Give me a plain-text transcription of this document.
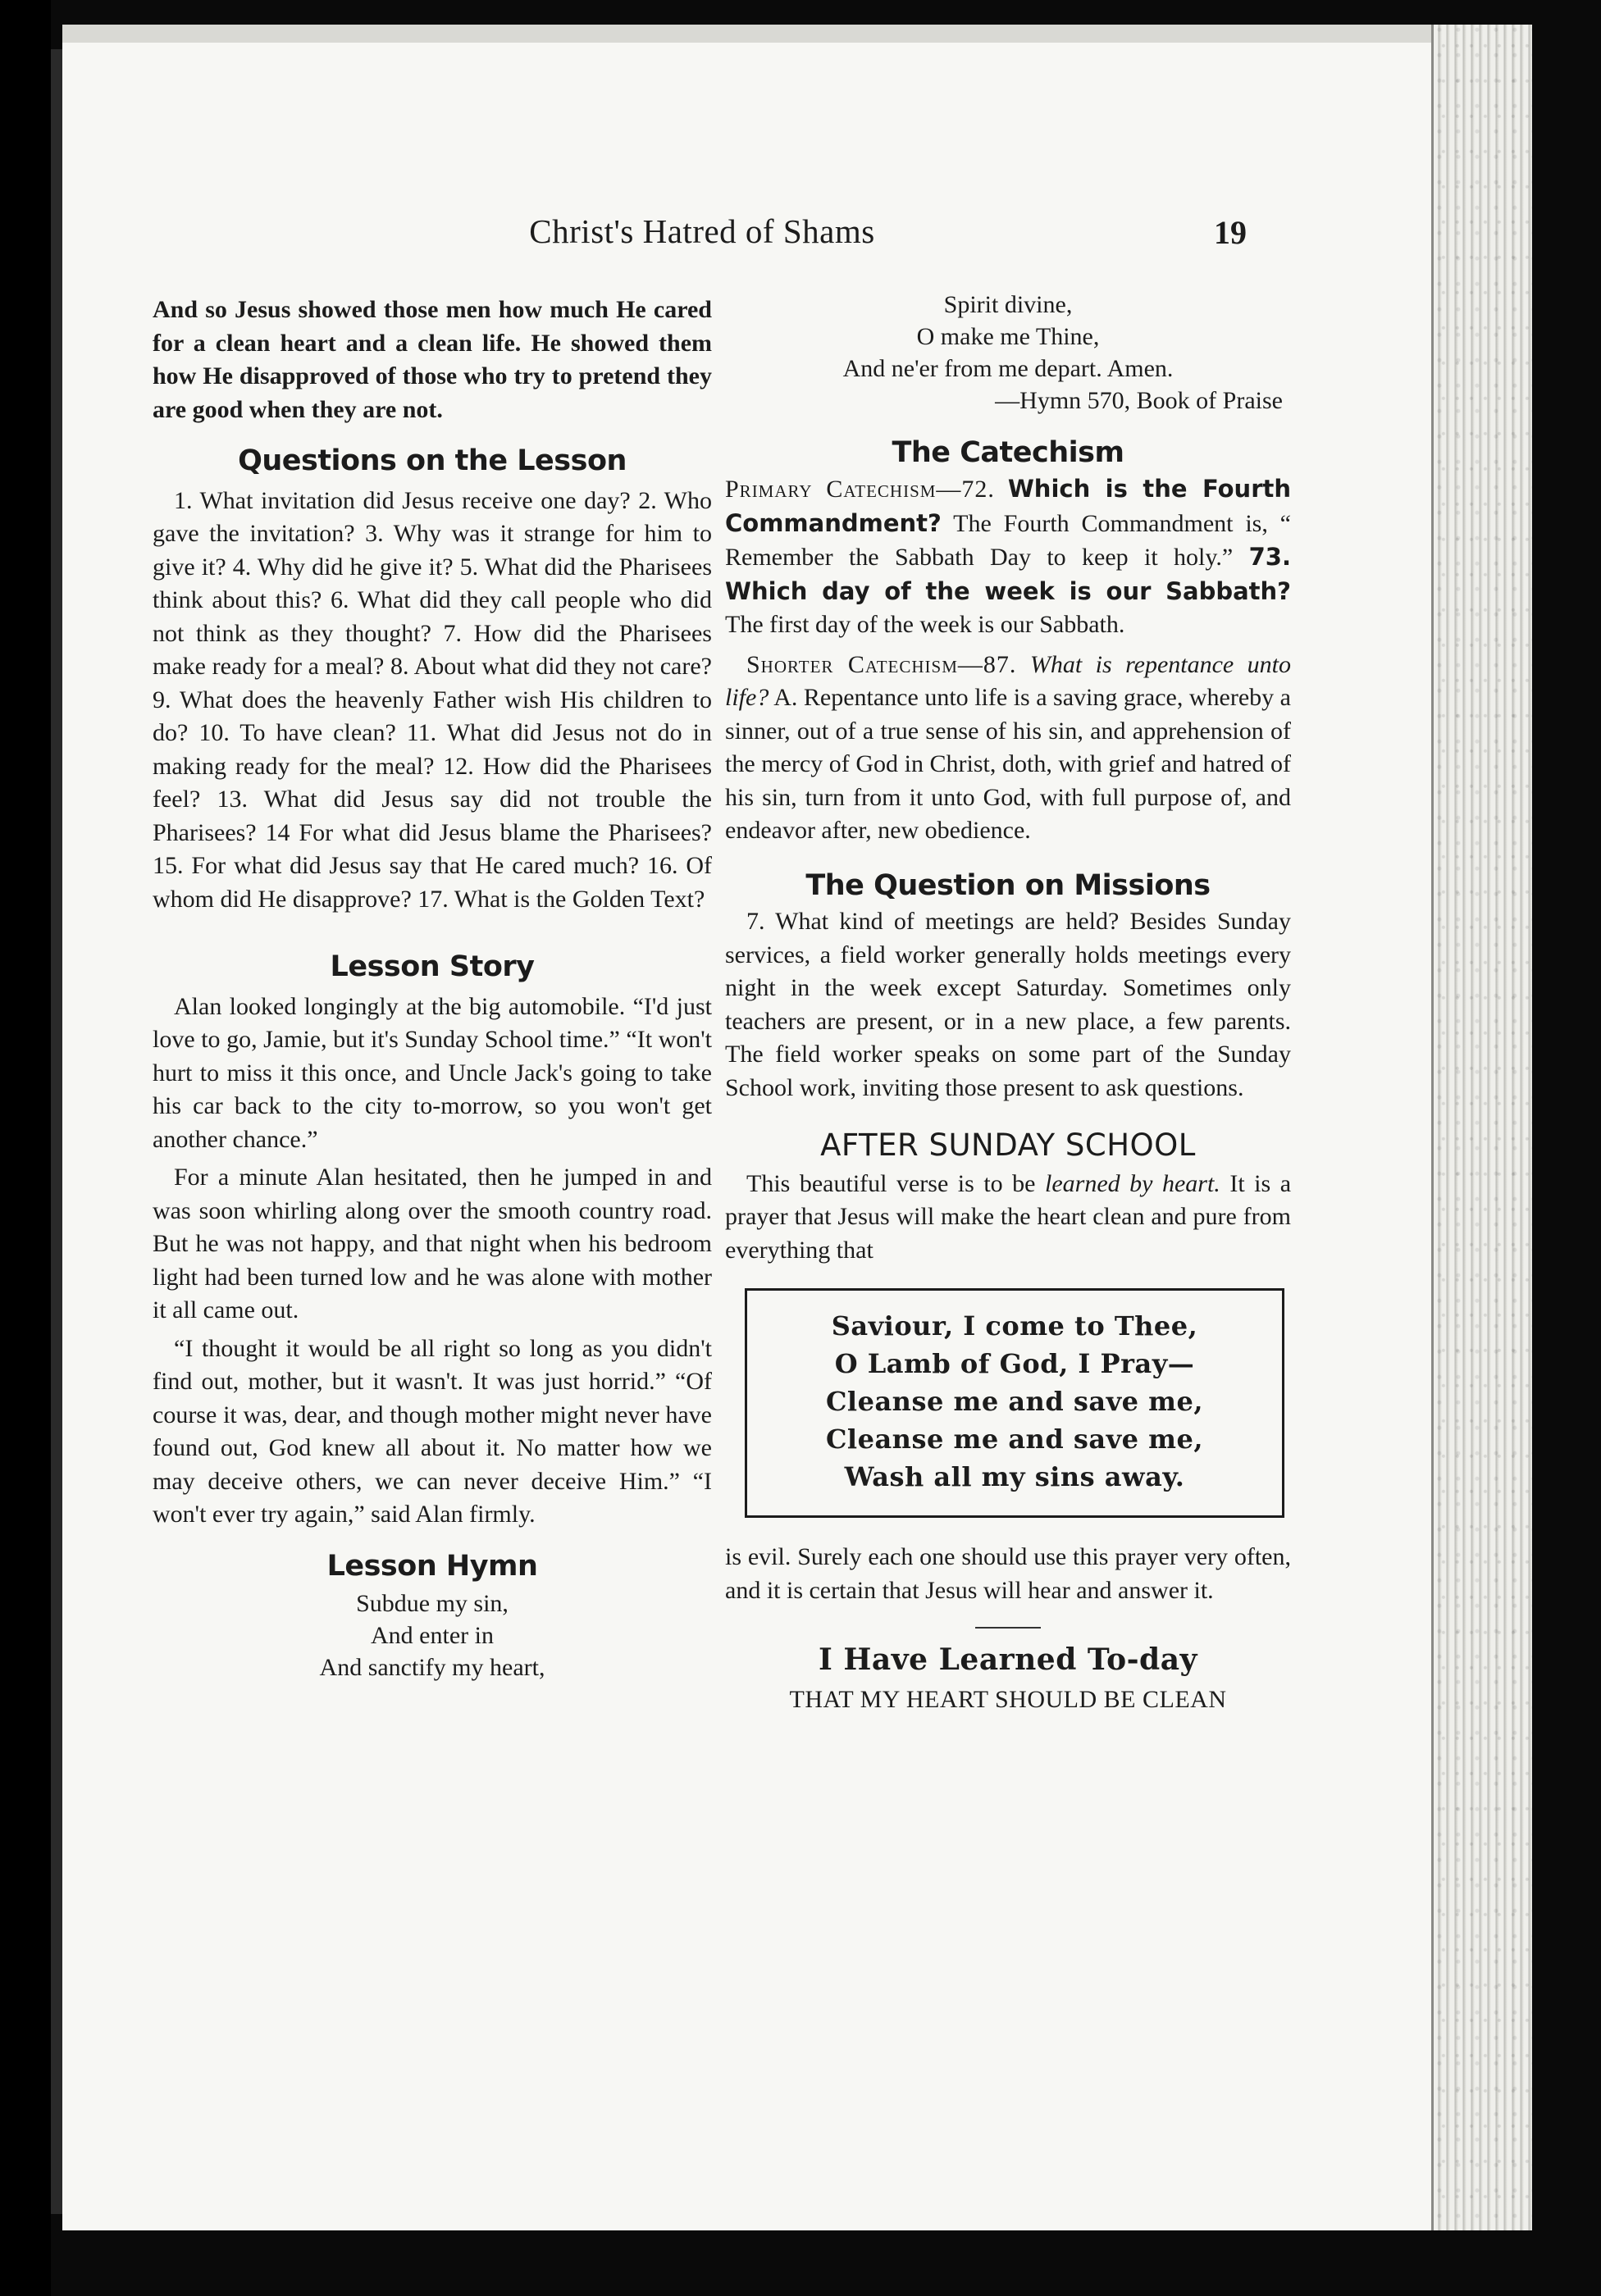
Christ's Hatred of Shams	19

And so Jesus showed those men how much He cared for a clean heart and a clean life. He showed them how He disapproved of those who try to pretend they are good when they are not.

Questions on the Lesson

1. What invitation did Jesus receive one day? 2. Who gave the invitation? 3. Why was it strange for him to give it? 4. Why did he give it? 5. What did the Pharisees think about this? 6. What did they call people who did not think as they thought? 7. How did the Pharisees make ready for a meal? 8. About what did they not care? 9. What does the heavenly Father wish His children to do? 10. To have clean? 11. What did Jesus not do in making ready for the meal? 12. How did the Pharisees feel? 13. What did Jesus say did not trouble the Pharisees? 14 For what did Jesus blame the Pharisees? 15. For what did Jesus say that He cared much? 16. Of whom did He disapprove? 17. What is the Golden Text?

Lesson Story

Alan looked longingly at the big automobile. “I'd just love to go, Jamie, but it's Sunday School time.” “It won't hurt to miss it this once, and Uncle Jack's going to take his car back to the city to-morrow, so you won't get another chance.”

For a minute Alan hesitated, then he jumped in and was soon whirling along over the smooth country road. But he was not happy, and that night when his bedroom light had been turned low and he was alone with mother it all came out.

“I thought it would be all right so long as you didn't find out, mother, but it wasn't. It was just horrid.” “Of course it was, dear, and though mother might never have found out, God knew all about it. No matter how we may deceive others, we can never deceive Him.” “I won't ever try again,” said Alan firmly.

Lesson Hymn
Subdue my sin,
And enter in
And sanctify my heart,
Spirit divine,
O make me Thine,
And ne'er from me depart. Amen.
—Hymn 570, Book of Praise
The Catechism

Primary Catechism—72. Which is the Fourth Commandment? The Fourth Commandment is, “ Remember the Sabbath Day to keep it holy.” 73. Which day of the week is our Sabbath? The first day of the week is our Sabbath.

Shorter Catechism—87. What is repentance unto life? A. Repentance unto life is a saving grace, whereby a sinner, out of a true sense of his sin, and apprehension of the mercy of God in Christ, doth, with grief and hatred of his sin, turn from it unto God, with full purpose of, and endeavor after, new obedience.

The Question on Missions

7. What kind of meetings are held? Besides Sunday services, a field worker generally holds meetings every night in the week except Saturday. Sometimes only teachers are present, or in a new place, a few parents. The field worker speaks on some part of the Sunday School work, inviting those present to ask questions.

AFTER SUNDAY SCHOOL

This beautiful verse is to be learned by heart. It is a prayer that Jesus will make the heart clean and pure from everything that

Saviour, I come to Thee,
O Lamb of God, I Pray—
Cleanse me and save me,
Cleanse me and save me,
Wash all my sins away.

is evil. Surely each one should use this prayer very often, and it is certain that Jesus will hear and answer it.

I Have Learned To-day
THAT MY HEART SHOULD BE CLEAN
